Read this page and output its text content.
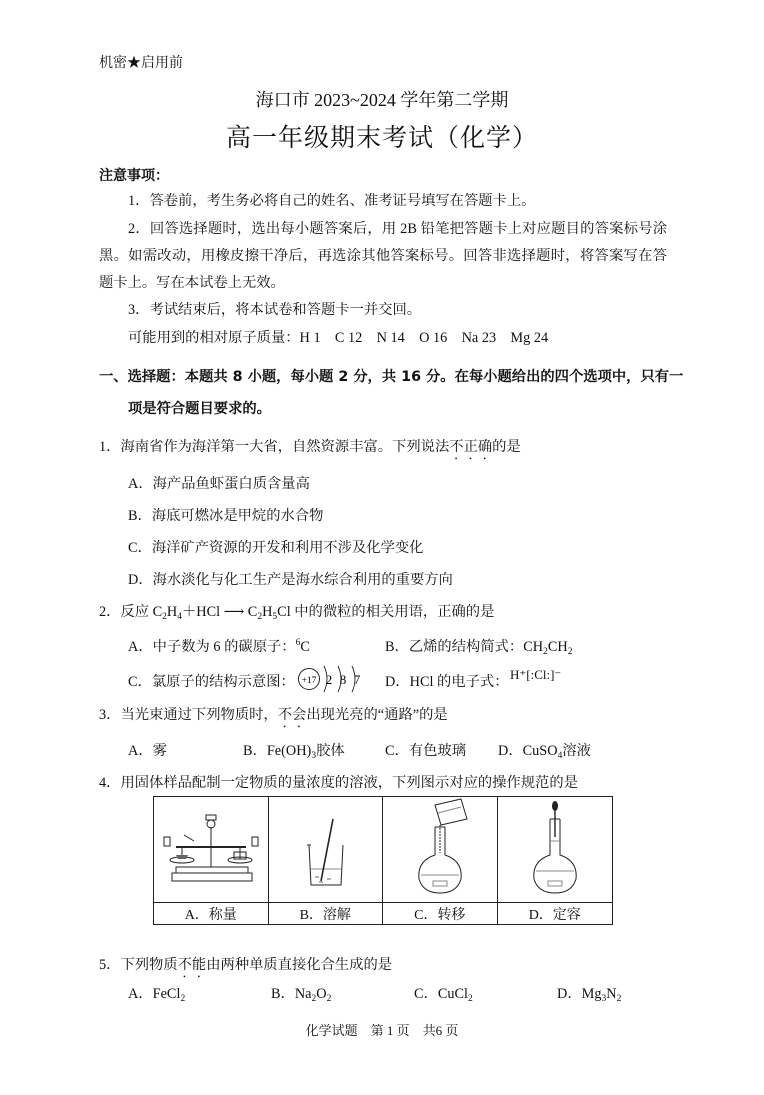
机密★启用前
海口市 2023~2024 学年第二学期
高一年级期末考试（化学）
注意事项：
1．答卷前，考生务必将自己的姓名、准考证号填写在答题卡上。
2．回答选择题时，选出每小题答案后，用 2B 铅笔把答题卡上对应题目的答案标号涂黑。如需改动，用橡皮擦干净后，再选涂其他答案标号。回答非选择题时，将答案写在答题卡上。写在本试卷上无效。
3．考试结束后，将本试卷和答题卡一并交回。
可能用到的相对原子质量：H 1　C 12　N 14　O 16　Na 23　Mg 24
一、选择题：本题共 8 小题，每小题 2 分，共 16 分。在每小题给出的四个选项中，只有一
项是符合题目要求的。
1．海南省作为海洋第一大省，自然资源丰富。下列说法不正确的是
A．海产品鱼虾蛋白质含量高
B．海底可燃冰是甲烷的水合物
C．海洋矿产资源的开发和利用不涉及化学变化
D．海水淡化与化工生产是海水综合利用的重要方向
2．反应 $C_2H_4+HCl$ ⟶ $C_2H_5Cl$ 中的微粒的相关用语，正确的是
A．中子数为 6 的碳原子：$^6$C	B．乙烯的结构简式：$CH_2CH_2$
C．氯原子的结构示意图： +17 2 8 7 D．HCl 的电子式： H⁺[:Cl:]⁻
3．当光束通过下列物质时，不会出现光亮的“通路”的是
A．雾	B．$Fe(OH)_3$胶体	C．有色玻璃 D．CuSO$_4$溶液
4．用固体样品配制一定物质的量浓度的溶液，下列图示对应的操作规范的是
A．称量	B．溶解	C．转移	D．定容
5．下列物质不能由两种单质直接化合生成的是
A．FeCl$_2$	B．$Na_2O_2$	C．CuCl$_2$	D．$Mg_3N_2$
化学试题　第 1 页　共6 页
